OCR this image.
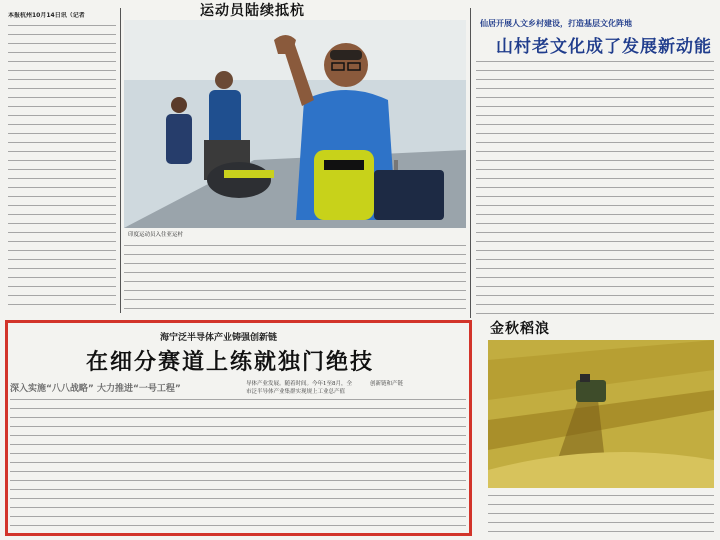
本报杭州10月14日讯（记者	运动员陆续抵杭
印度运动员入住亚运村
仙居开展人文乡村建设，打造基层文化阵地
山村老文化成了发展新动能
海宁泛半导体产业铸强创新链
在细分赛道上练就独门绝技
深入实施“八八战略” 大力推进“一号工程”	导体产业发展。随着时间。今年1至8月，全市泛半导体产业集群实现规上工业总产值
创新链和产链
金秋稻浪
